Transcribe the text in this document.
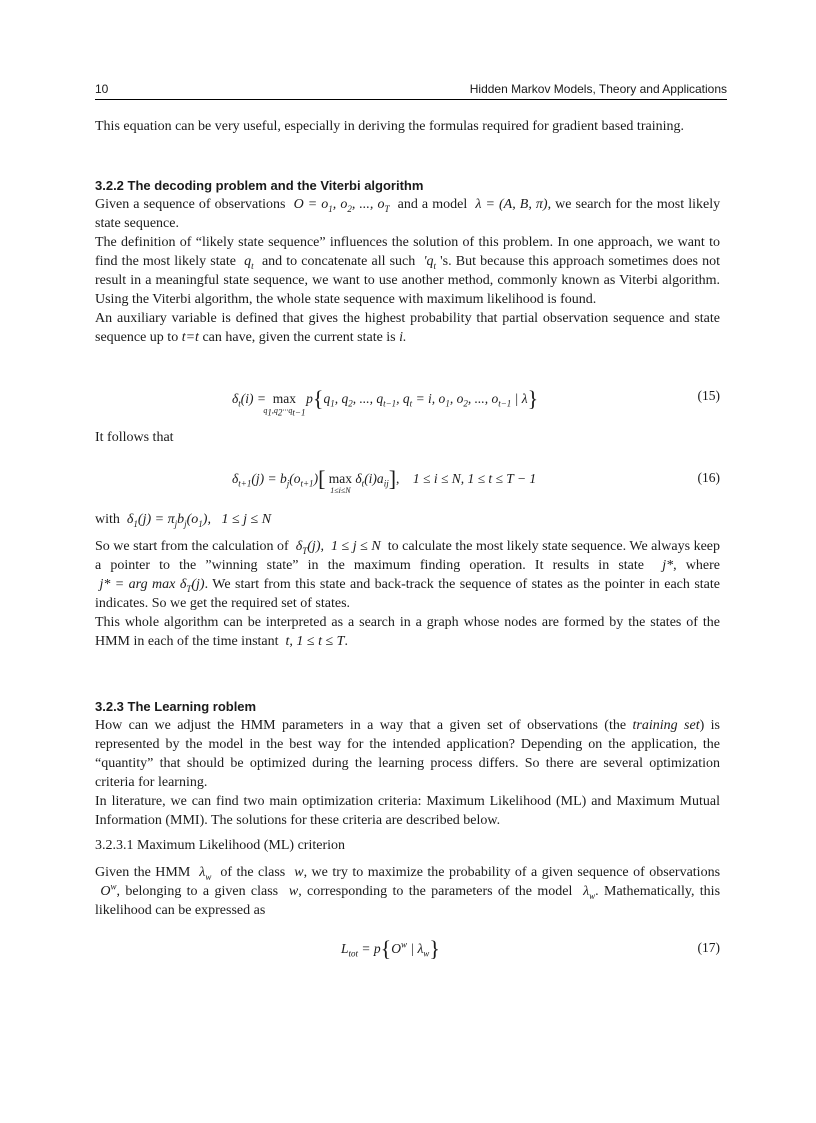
10	Hidden Markov Models, Theory and Applications

This equation can be very useful, especially in deriving the formulas required for gradient based training.

3.2.2 The decoding problem and the Viterbi algorithm

Given a sequence of observations  $O = o_1$, $o_2$, ..., $o_T$ and a model  λ = (A, B, π), we search for the most likely state sequence.

The definition of “likely state sequence” influences the solution of this problem. In one approach, we want to find the most likely state  $q_t$ and to concatenate all such  '$q_t$ 's. But because this approach sometimes does not result in a meaningful state sequence, we want to use another method, commonly known as Viterbi algorithm. Using the Viterbi algorithm, the whole state sequence with maximum likelihood is found.

An auxiliary variable is defined that gives the highest probability that partial observation sequence and state sequence up to t=t can have, given the current state is i.

$\delta_t(i) = \max$
$q_1,q_2\cdot\cdot\cdot q_{t-1}$
$p\{q_1$, $q_2$, ..., $q_{t-1}$, $q_t = i$, $o_1$, $o_2$, ..., $o_{t-1}$ | λ}	(15)

It follows that

$\delta_{t+1}(j) = b_j(o_{t+1})$[ max
1≤i≤N
$\delta_t(i)a_{ij}$],    1 ≤ i ≤ N, 1 ≤ t ≤ T − 1	(16)

with  $\delta_1(j) = \pi_jb_j(o_1)$,   1 ≤ j ≤ N

So we start from the calculation of  $\delta_T(j)$,  1 ≤ j ≤ N  to calculate the most likely state sequence. We always keep a pointer to the ”winning state” in the maximum finding operation. It results in state  j*, where  j* = arg $\max \delta_T(j)$. We start from this state and back-track the sequence of states as the pointer in each state indicates. So we get the required set of states.

This whole algorithm can be interpreted as a search in a graph whose nodes are formed by the states of the HMM in each of the time instant t, 1 ≤ t ≤ T.

3.2.3 The Learning roblem

How can we adjust the HMM parameters in a way that a given set of observations (the training set) is represented by the model in the best way for the intended application? Depending on the application, the “quantity” that should be optimized during the learning process differs. So there are several optimization criteria for learning.

In literature, we can find two main optimization criteria: Maximum Likelihood (ML) and Maximum Mutual Information (MMI). The solutions for these criteria are described below.

3.2.3.1 Maximum Likelihood (ML) criterion

Given the HMM  $\lambda_w$ of the class  w, we try to maximize the probability of a given sequence of observations  $O^w$, belonging to a given class  w, corresponding to the parameters of the model  $\lambda_w$. Mathematically, this likelihood can be expressed as

$L_{tot} = p\{O^w$ | $\lambda_w$}	(17)
